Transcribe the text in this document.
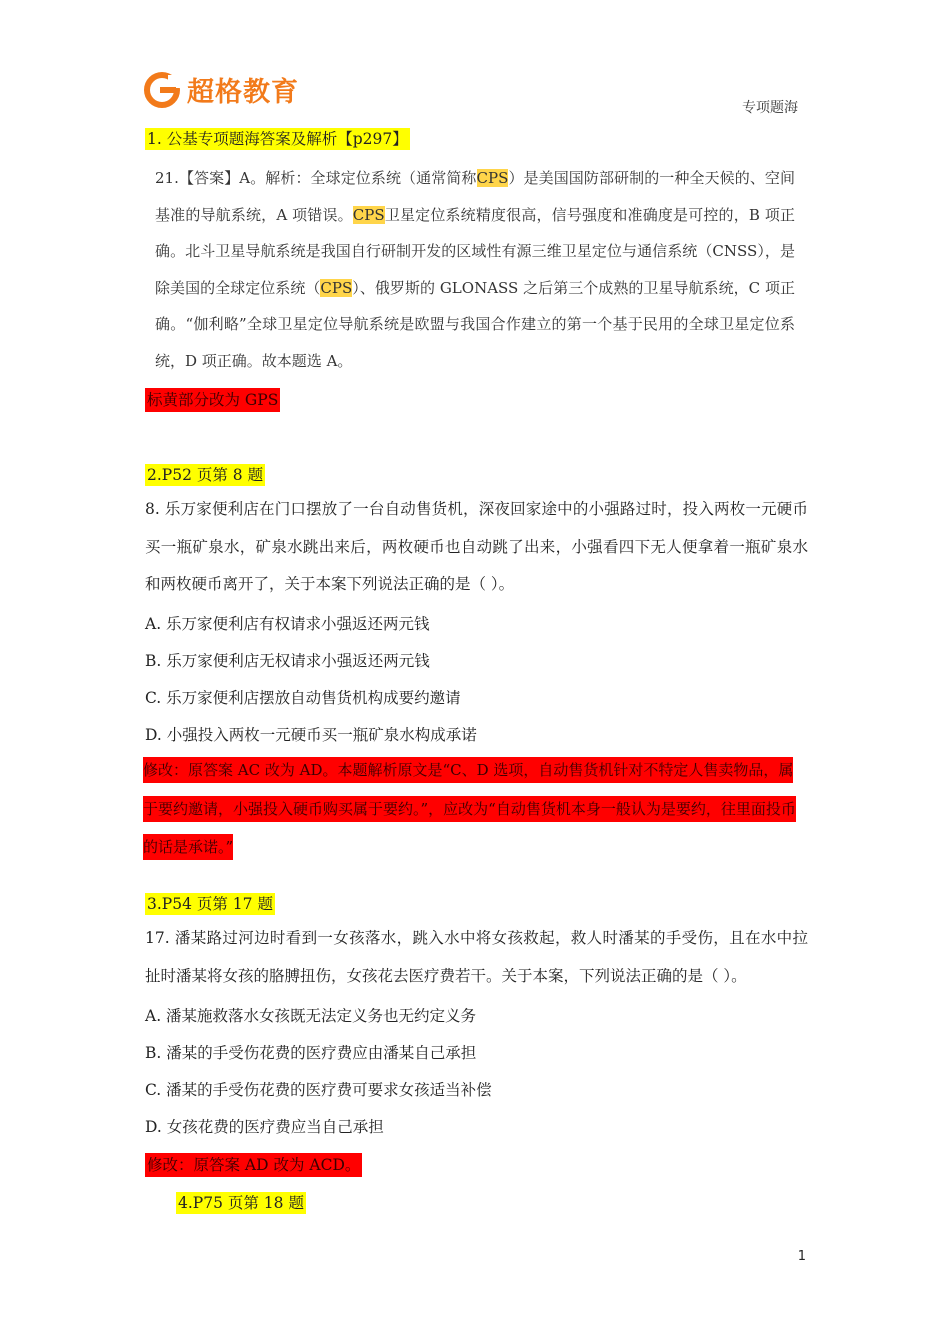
超格教育	专项题海
1. 公基专项题海答案及解析【p297】
21.【答案】A。解析：全球定位系统（通常简称CPS）是美国国防部研制的一种全天候的、空间基准的导航系统，A 项错误。CPS卫星定位系统精度很高，信号强度和准确度是可控的，B 项正确。北斗卫星导航系统是我国自行研制开发的区域性有源三维卫星定位与通信系统（CNSS），是除美国的全球定位系统（CPS）、俄罗斯的 GLONASS 之后第三个成熟的卫星导航系统，C 项正确。“伽利略”全球卫星定位导航系统是欧盟与我国合作建立的第一个基于民用的全球卫星定位系统，D 项正确。故本题选 A。
标黄部分改为 GPS
2.P52 页第 8 题
8. 乐万家便利店在门口摆放了一台自动售货机，深夜回家途中的小强路过时，投入两枚一元硬币买一瓶矿泉水，矿泉水跳出来后，两枚硬币也自动跳了出来，小强看四下无人便拿着一瓶矿泉水和两枚硬币离开了，关于本案下列说法正确的是（ ）。
A. 乐万家便利店有权请求小强返还两元钱
B. 乐万家便利店无权请求小强返还两元钱
C. 乐万家便利店摆放自动售货机构成要约邀请
D. 小强投入两枚一元硬币买一瓶矿泉水构成承诺
修改：原答案 AC 改为 AD。本题解析原文是“C、D 选项，自动售货机针对不特定人售卖物品，属于要约邀请，小强投入硬币购买属于要约。”，应改为“自动售货机本身一般认为是要约，往里面投币的话是承诺。”
3.P54 页第 17 题
17. 潘某路过河边时看到一女孩落水，跳入水中将女孩救起，救人时潘某的手受伤，且在水中拉扯时潘某将女孩的胳膊扭伤，女孩花去医疗费若干。关于本案，下列说法正确的是（ ）。
A. 潘某施救落水女孩既无法定义务也无约定义务
B. 潘某的手受伤花费的医疗费应由潘某自己承担
C. 潘某的手受伤花费的医疗费可要求女孩适当补偿
D. 女孩花费的医疗费应当自己承担
修改：原答案 AD 改为 ACD。
4.P75 页第 18 题
1
